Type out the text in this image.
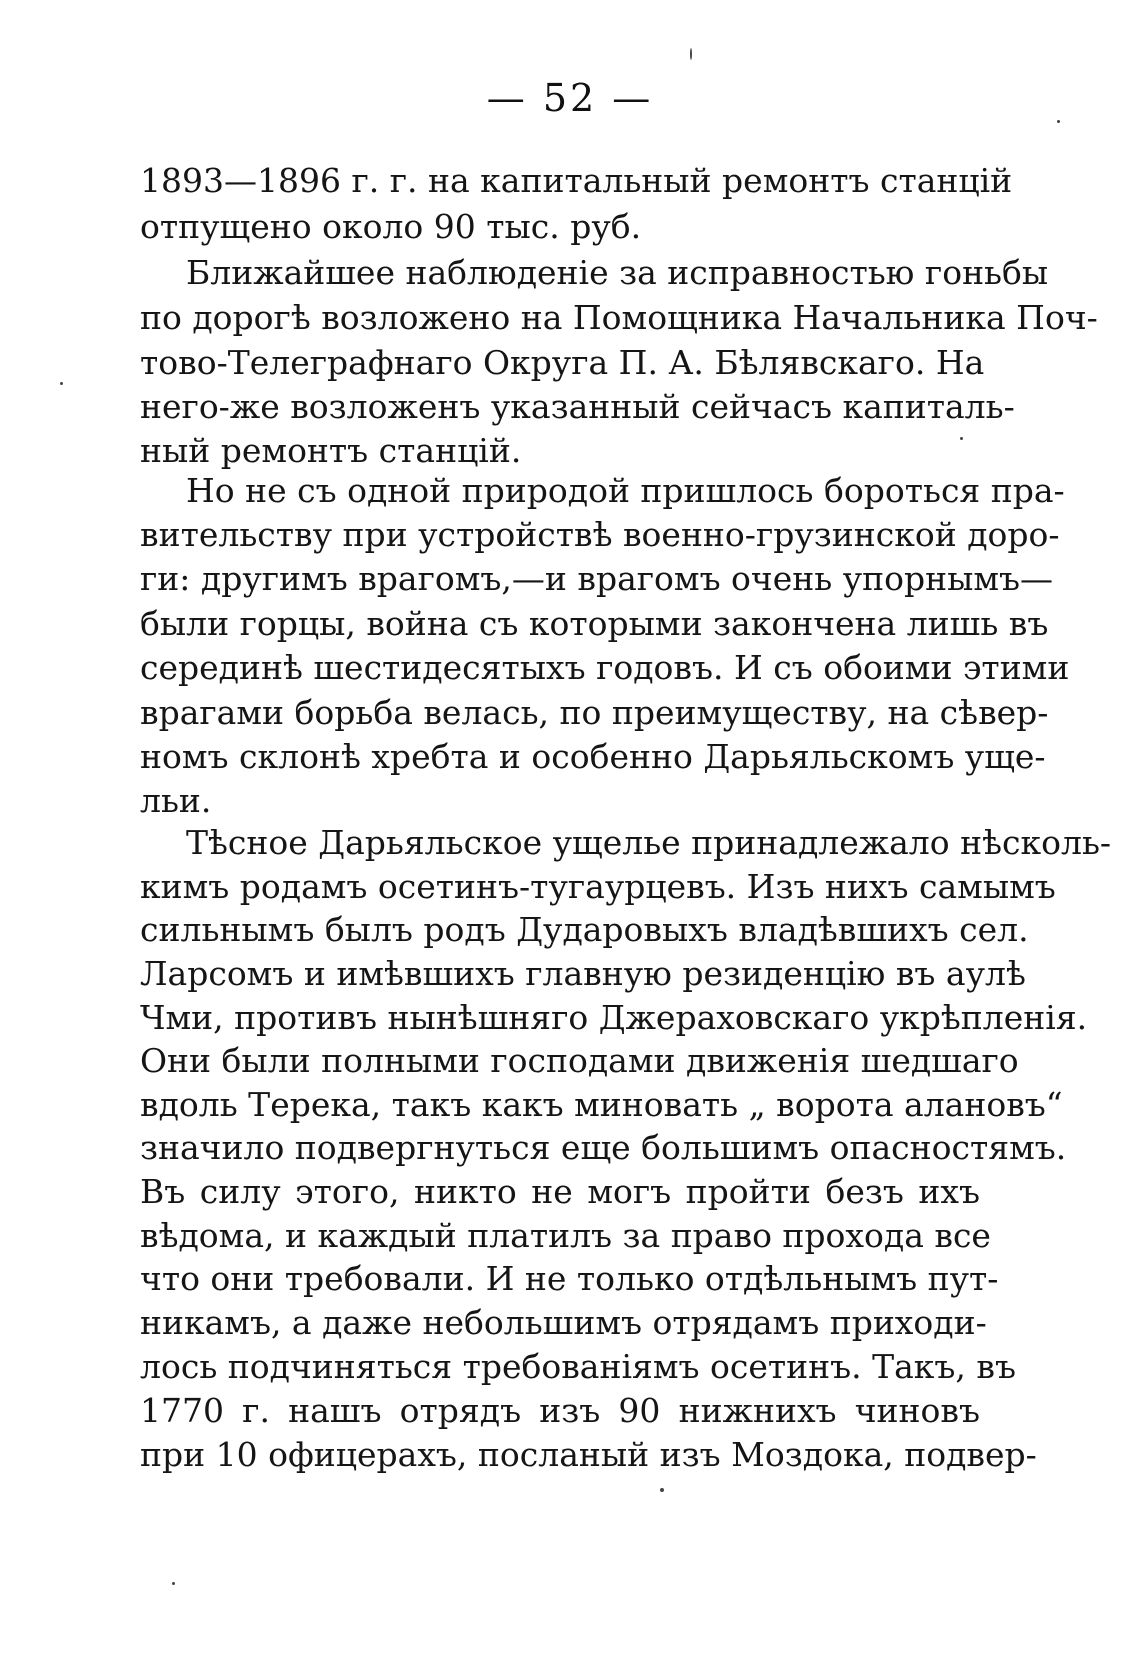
— 52 —
1893—1896 г. г. на капитальный ремонтъ станцій
отпущено около 90 тыс. руб.
Ближайшее наблюденіе за исправностью гоньбы
по дорогѣ возложено на Помощника Начальника Поч-
тово-Телеграфнаго Округа П. А. Бѣлявскаго. На
него-же возложенъ указанный сейчасъ капиталь-
ный ремонтъ станцій.
Но не съ одной природой пришлось бороться пра-
вительству при устройствѣ военно-грузинской доро-
ги: другимъ врагомъ,—и врагомъ очень упорнымъ—
были горцы, война съ которыми закончена лишь въ
серединѣ шестидесятыхъ годовъ. И съ обоими этими
врагами борьба велась, по преимуществу, на сѣвер-
номъ склонѣ хребта и особенно Дарьяльскомъ уще-
льи.
Тѣсное Дарьяльское ущелье принадлежало нѣсколь-
кимъ родамъ осетинъ-тугаурцевъ. Изъ нихъ самымъ
сильнымъ былъ родъ Дударовыхъ владѣвшихъ сел.
Ларсомъ и имѣвшихъ главную резиденцію въ аулѣ
Чми, противъ нынѣшняго Джераховскаго укрѣпленія.
Они были полными господами движенія шедшаго
вдоль Терека, такъ какъ миновать „ ворота алановъ“
значило подвергнуться еще большимъ опасностямъ.
Въ силу этого, никто не могъ пройти безъ ихъ
вѣдома, и каждый платилъ за право прохода все
что они требовали. И не только отдѣльнымъ пут-
никамъ, а даже небольшимъ отрядамъ приходи-
лось подчиняться требованіямъ осетинъ. Такъ, въ
1770 г. нашъ отрядъ изъ 90 нижнихъ чиновъ
при 10 офицерахъ, посланый изъ Моздока, подвер-
